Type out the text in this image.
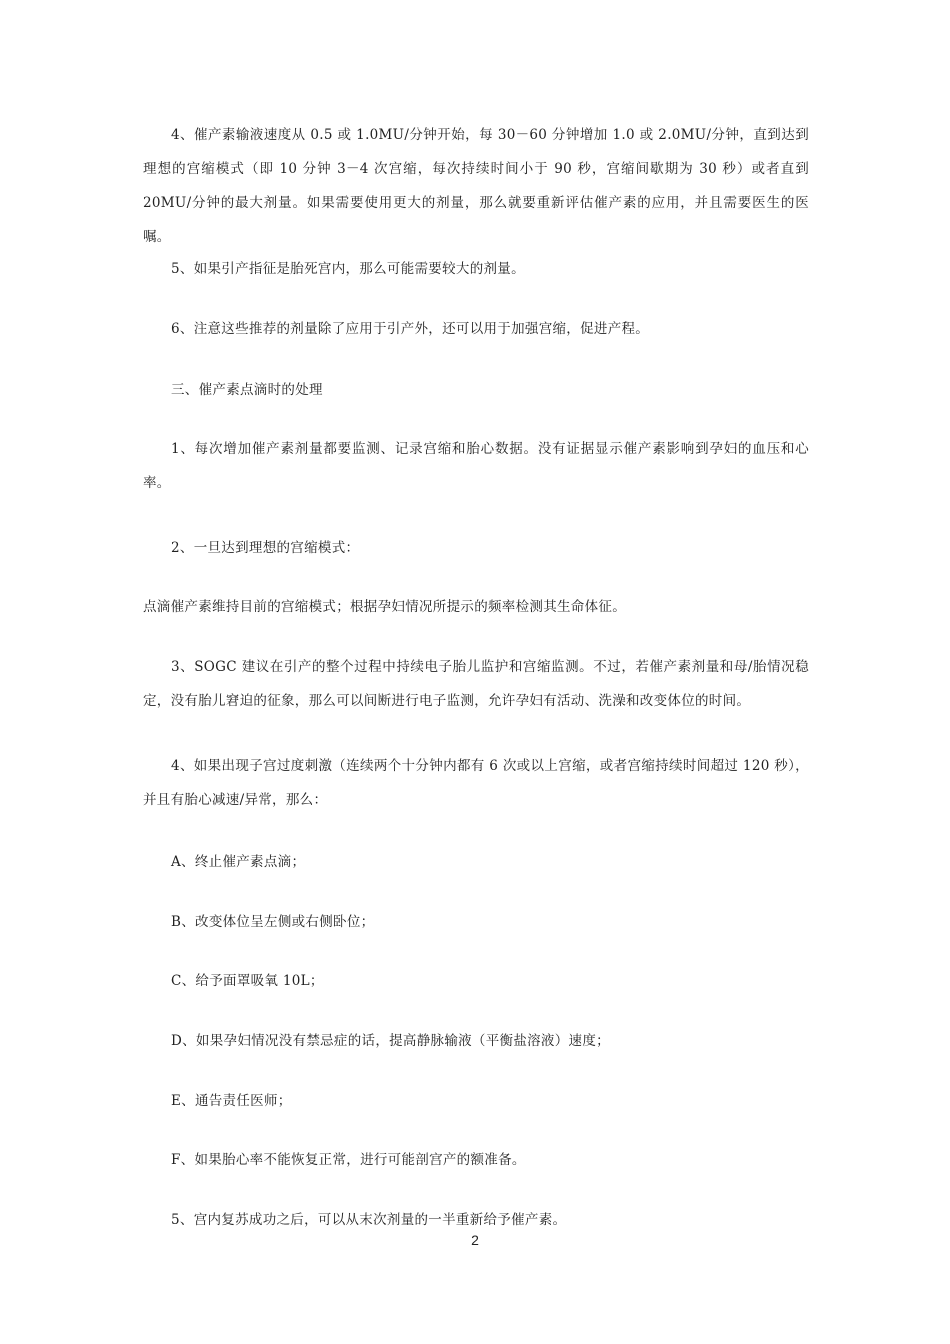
4、催产素输液速度从 0.5 或 1.0MU/分钟开始，每 30－60 分钟增加 1.0 或 2.0MU/分钟，直到达到理想的宫缩模式（即 10 分钟 3－4 次宫缩，每次持续时间小于 90 秒，宫缩间歇期为 30 秒）或者直到 20MU/分钟的最大剂量。如果需要使用更大的剂量，那么就要重新评估催产素的应用，并且需要医生的医嘱。

5、如果引产指征是胎死宫内，那么可能需要较大的剂量。

6、注意这些推荐的剂量除了应用于引产外，还可以用于加强宫缩，促进产程。

三、催产素点滴时的处理

1、每次增加催产素剂量都要监测、记录宫缩和胎心数据。没有证据显示催产素影响到孕妇的血压和心率。

2、一旦达到理想的宫缩模式：

点滴催产素维持目前的宫缩模式；根据孕妇情况所提示的频率检测其生命体征。

3、SOGC 建议在引产的整个过程中持续电子胎儿监护和宫缩监测。不过，若催产素剂量和母/胎情况稳定，没有胎儿窘迫的征象，那么可以间断进行电子监测，允许孕妇有活动、洗澡和改变体位的时间。

4、如果出现子宫过度刺激（连续两个十分钟内都有 6 次或以上宫缩，或者宫缩持续时间超过 120 秒），并且有胎心减速/异常，那么：

A、终止催产素点滴；

B、改变体位呈左侧或右侧卧位；

C、给予面罩吸氧 10L；

D、如果孕妇情况没有禁忌症的话，提高静脉输液（平衡盐溶液）速度；

E、通告责任医师；

F、如果胎心率不能恢复正常，进行可能剖宫产的额准备。

5、宫内复苏成功之后，可以从末次剂量的一半重新给予催产素。

2
